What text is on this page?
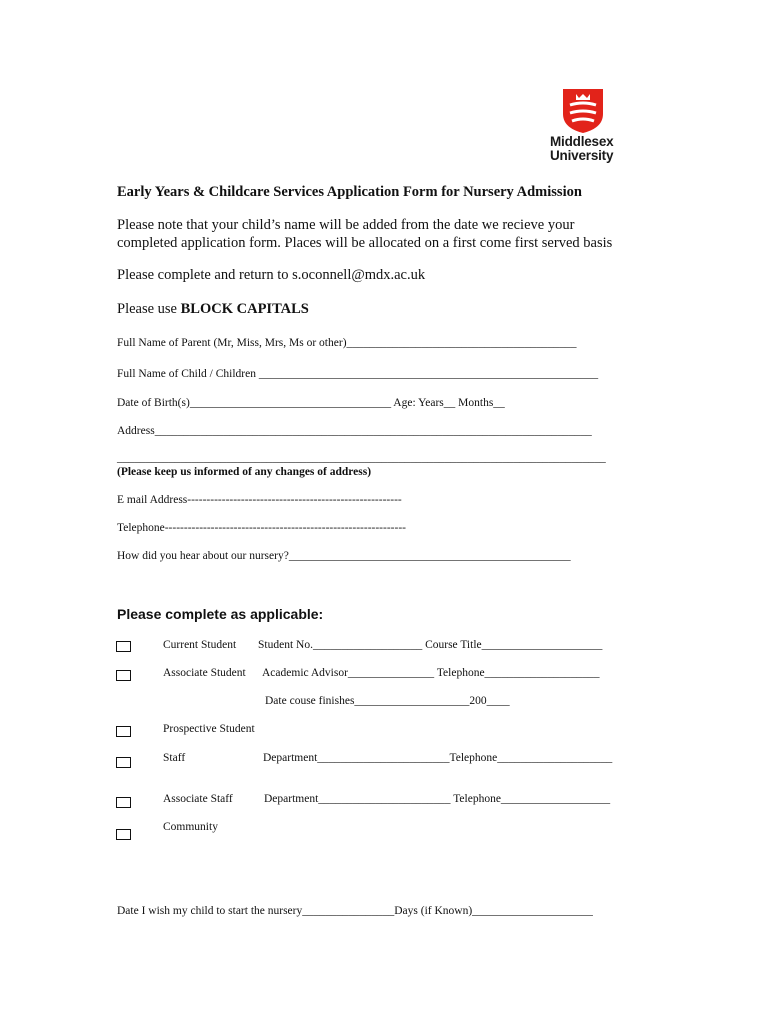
Middlesex
University
Early Years & Childcare Services Application Form for Nursery Admission
Please note that your child’s name will be added from the date we recieve your
completed application form. Places will be allocated on a first come first served basis
Please complete and return to s.oconnell@mdx.ac.uk
Please use BLOCK CAPITALS
Full Name of Parent (Mr, Miss, Mrs, Ms or other)________________________________________
Full Name of Child / Children ___________________________________________________________
Date of Birth(s)___________________________________ Age: Years__ Months__
Address____________________________________________________________________________
_____________________________________________________________________________________
(Please keep us informed of any changes of address)
E mail Address--------------------------------------------------------
Telephone---------------------------------------------------------------
How did you hear about our nursery?_________________________________________________
Please complete as applicable:
Current Student Student No.___________________ Course Title_____________________
Associate Student Academic Advisor_______________ Telephone____________________
Date couse finishes____________________200____
Prospective Student
Staff	Department_______________________Telephone____________________
Associate Staff	Department_______________________ Telephone___________________
Community
Date I wish my child to start the nursery________________Days (if Known)_____________________
